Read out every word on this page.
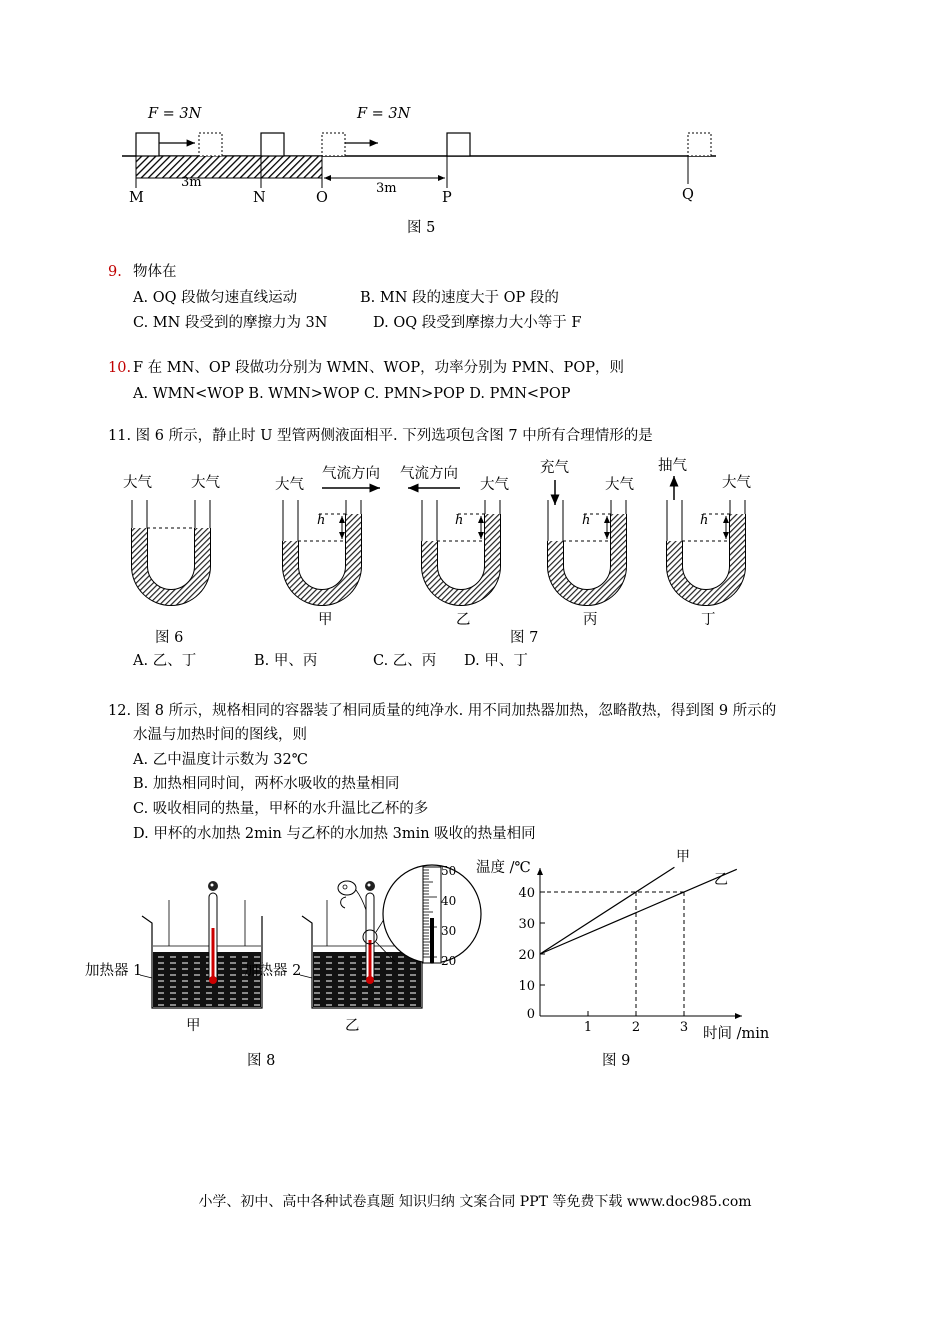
F = 3N	F = 3N
3m	3m
M	N	O	P	Q
图 5
9. 物体在
A. OQ 段做匀速直线运动	B. MN 段的速度大于 OP 段的
C. MN 段受到的摩擦力为 3N	D. OQ 段受到摩擦力大小等于 F
10. F 在 MN、OP 段做功分别为 WMN、WOP，功率分别为 PMN、POP，则
A. WMN<WOP B. WMN>WOP C. PMN>POP D. PMN<POP
11. 图 6 所示，静止时 U 型管两侧液面相平. 下列选项包含图 7 中所有合理情形的是
大气	大气	大气
气流方向 气流方向
大气
充气
大气
抽气
大气
h	h	h	h
甲	乙	丙	丁
图 6	图 7
A. 乙、丁	B. 甲、丙	C. 乙、丙 D. 甲、丁
12. 图 8 所示，规格相同的容器装了相同质量的纯净水. 用不同加热器加热，忽略散热，得到图 9 所示的
水温与加热时间的图线，则
A. 乙中温度计示数为 32℃
B. 加热相同时间，两杯水吸收的热量相同
C. 吸收相同的热量，甲杯的水升温比乙杯的多
D. 甲杯的水加热 2min 与乙杯的水加热 3min 吸收的热量相同
加热器 1	加热器 2
甲	乙
50
40
30
20
图 8
10
20
30
40
0
1	2	3
甲
乙
温度 /℃
时间 /min
图 9
小学、初中、高中各种试卷真题 知识归纳 文案合同 PPT 等免费下载 www.doc985.com
